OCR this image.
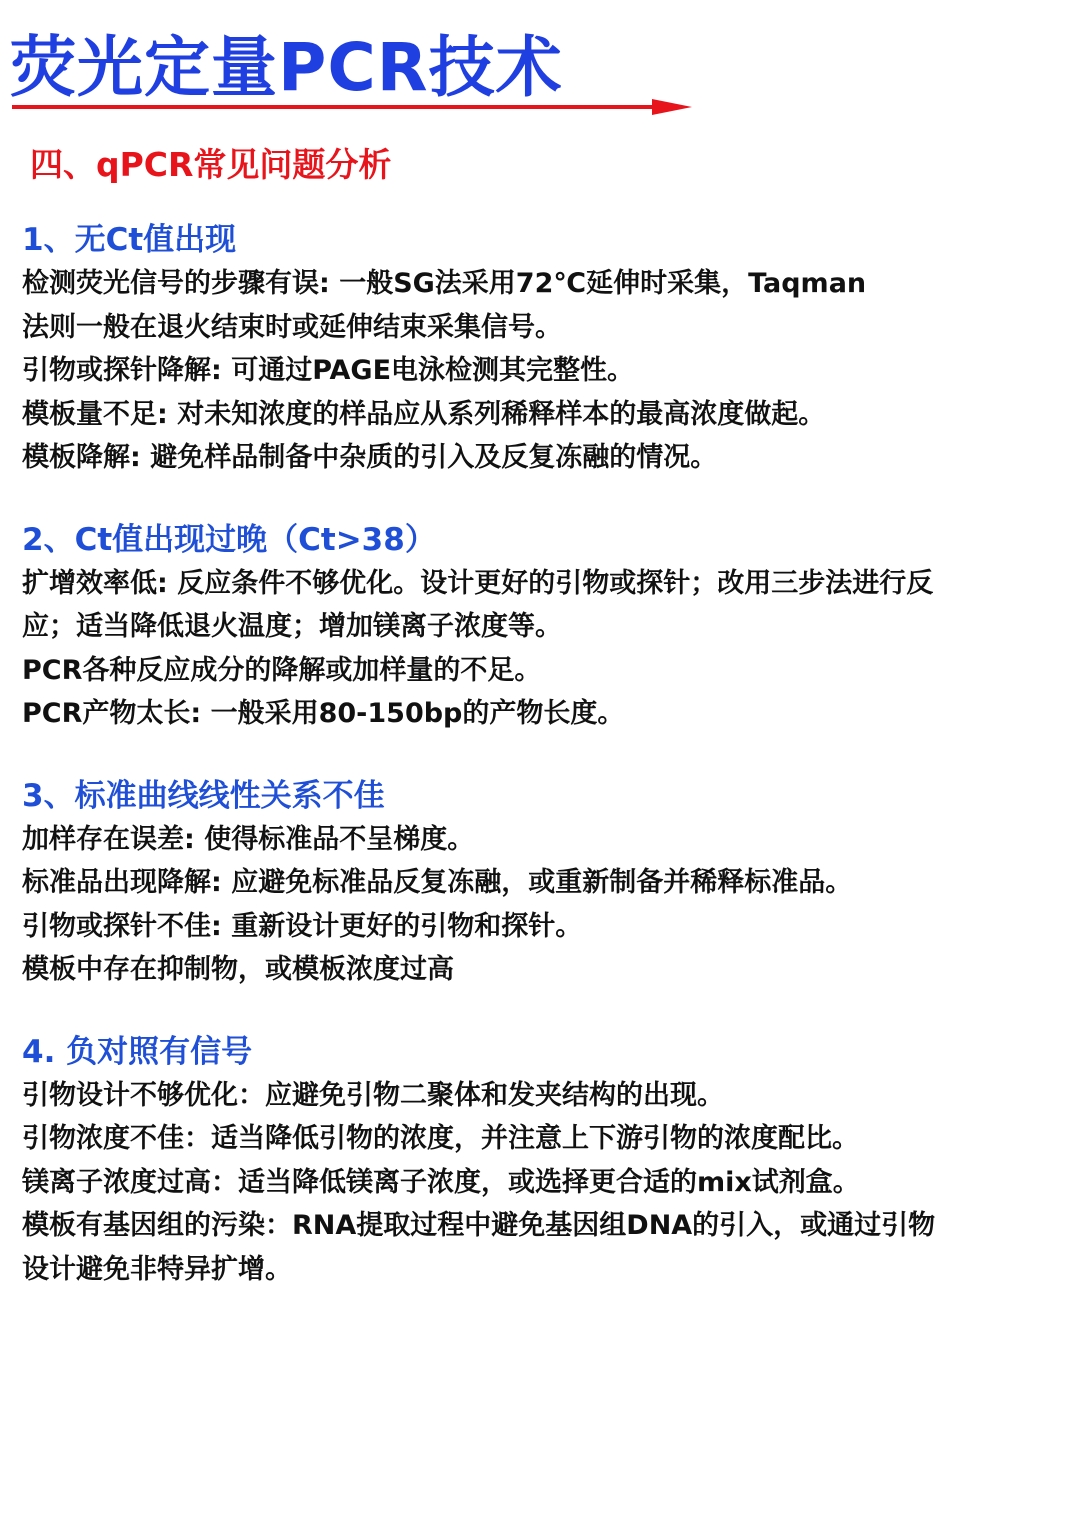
荧光定量PCR技术
四、qPCR常见问题分析
1、无Ct值出现

检测荧光信号的步骤有误: 一般SG法采用72℃延伸时采集，Taqman

法则一般在退火结束时或延伸结束采集信号。

引物或探针降解: 可通过PAGE电泳检测其完整性。

模板量不足: 对未知浓度的样品应从系列稀释样本的最高浓度做起。

模板降解: 避免样品制备中杂质的引入及反复冻融的情况。

2、Ct值出现过晚（Ct>38）

扩增效率低: 反应条件不够优化。设计更好的引物或探针；改用三步法进行反

应；适当降低退火温度；增加镁离子浓度等。

PCR各种反应成分的降解或加样量的不足。

PCR产物太长: 一般采用80-150bp的产物长度。

3、标准曲线线性关系不佳

加样存在误差: 使得标准品不呈梯度。

标准品出现降解: 应避免标准品反复冻融，或重新制备并稀释标准品。

引物或探针不佳: 重新设计更好的引物和探针。

模板中存在抑制物，或模板浓度过高

4. 负对照有信号

引物设计不够优化：应避免引物二聚体和发夹结构的出现。

引物浓度不佳：适当降低引物的浓度，并注意上下游引物的浓度配比。

镁离子浓度过高：适当降低镁离子浓度，或选择更合适的mix试剂盒。

模板有基因组的污染：RNA提取过程中避免基因组DNA的引入，或通过引物

设计避免非特异扩增。
